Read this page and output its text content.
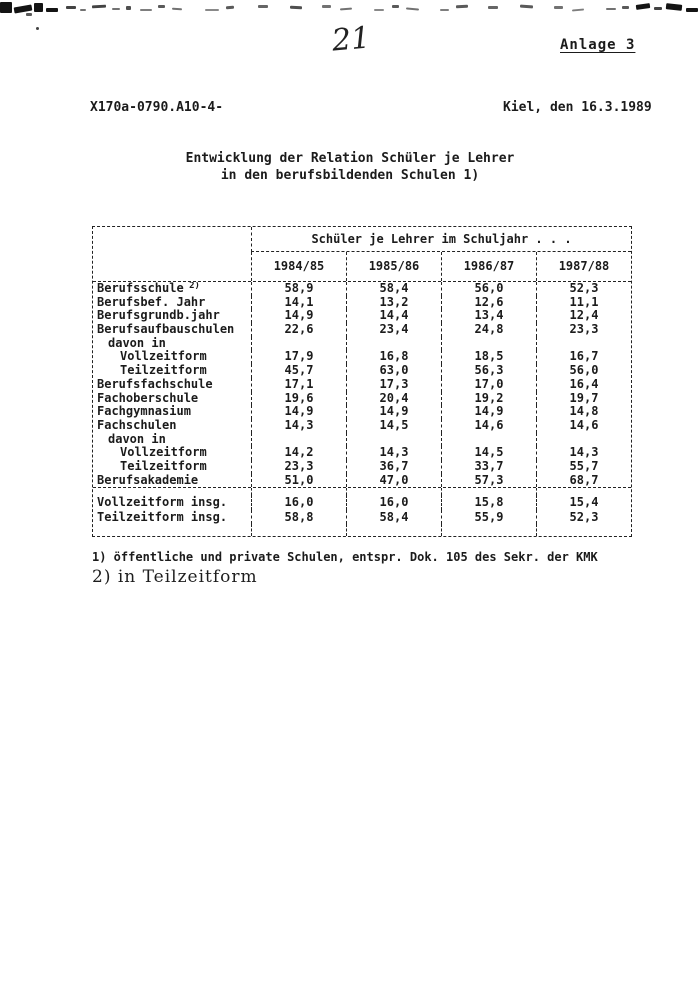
21	Anlage 3
X170a-0790.A10-4-	Kiel, den 16.3.1989
Entwicklung der Relation Schüler je Lehrer
in den berufsbildenden Schulen 1)
Schüler je Lehrer im Schuljahr . . .
1984/85	1985/86	1986/87	1987/88
Berufsschule $^{2)}$	58,9	58,4	56,0	52,3
Berufsbef. Jahr	14,1	13,2	12,6	11,1
Berufsgrundb.jahr	14,9	14,4	13,4	12,4
Berufsaufbauschulen	22,6	23,4	24,8	23,3
davon in
Vollzeitform	17,9	16,8	18,5	16,7
Teilzeitform	45,7	63,0	56,3	56,0
Berufsfachschule	17,1	17,3	17,0	16,4
Fachoberschule	19,6	20,4	19,2	19,7
Fachgymnasium	14,9	14,9	14,9	14,8
Fachschulen	14,3	14,5	14,6	14,6
davon in
Vollzeitform	14,2	14,3	14,5	14,3
Teilzeitform	23,3	36,7	33,7	55,7
Berufsakademie	51,0	47,0	57,3	68,7
Vollzeitform insg.	16,0	16,0	15,8	15,4
Teilzeitform insg.	58,8	58,4	55,9	52,3
1) öffentliche und private Schulen, entspr. Dok. 105 des Sekr. der KMK
2) in Teilzeitform
